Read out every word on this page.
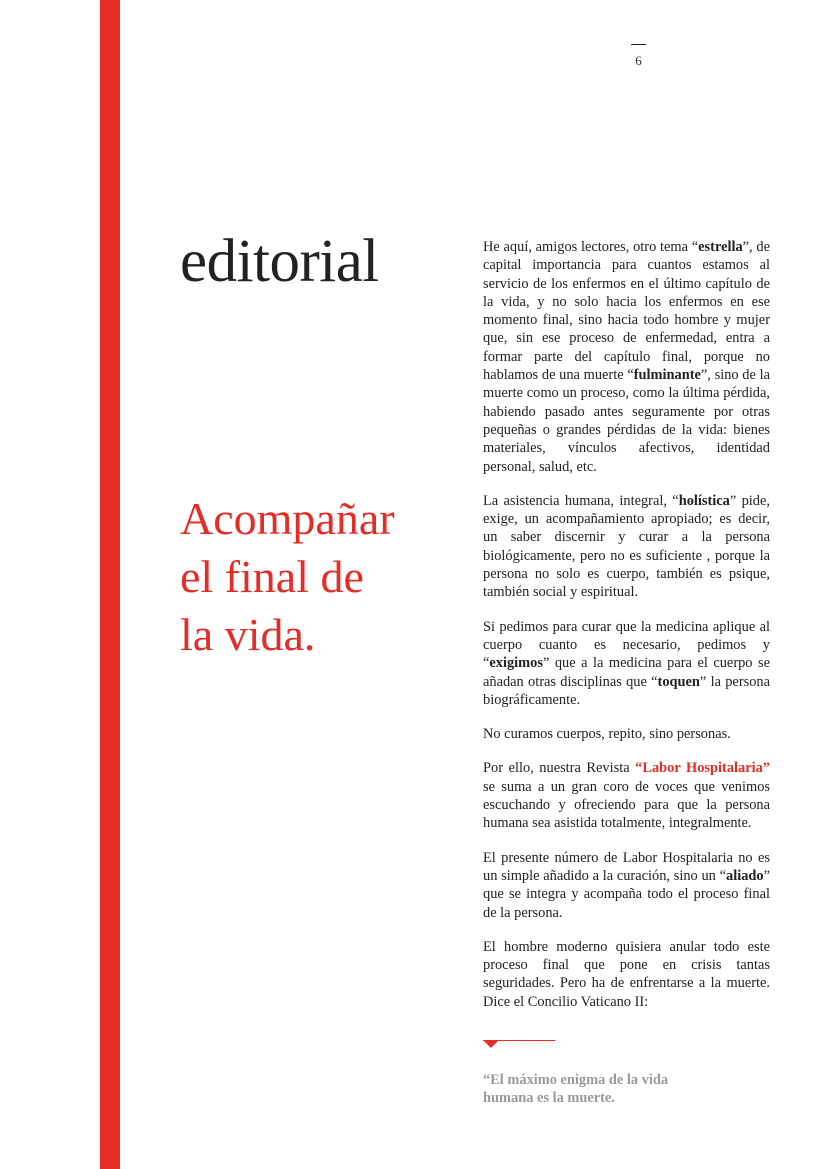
6
editorial
Acompañar
el final de
la vida.

He aquí, amigos lectores, otro tema “estrella”, de capital importancia para cuantos estamos al servicio de los enfermos en el último capítulo de la vida, y no solo hacia los enfermos en ese momento final, sino hacia todo hombre y mujer que, sin ese proceso de enfermedad, entra a formar parte del capítulo final, porque no hablamos de una muerte “fulminante”, sino de la muerte como un proceso, como la última pérdida, habiendo pasado antes seguramente por otras pequeñas o grandes pérdidas de la vida: bienes materiales, vínculos afectivos, identidad personal, salud, etc.

La asistencia humana, integral, “holística” pide, exige, un acompañamiento apropiado; es decir, un saber discernir y curar a la persona biológicamente, pero no es suficiente , porque la persona no solo es cuerpo, también es psique, también social y espiritual.

Si pedimos para curar que la medicina aplique al cuerpo cuanto es necesario, pedimos y “exigimos” que a la medicina para el cuerpo se añadan otras disciplinas que “toquen” la persona biográficamente.

No curamos cuerpos, repito, sino personas.

Por ello, nuestra Revista “Labor Hospitalaria” se suma a un gran coro de voces que venimos escuchando y ofreciendo para que la persona humana sea asistida totalmente, integralmente.

El presente número de Labor Hospitalaria no es un simple añadido a la curación, sino un “aliado” que se integra y acompaña todo el proceso final de la persona.

El hombre moderno quisiera anular todo este proceso final que pone en crisis tantas seguridades. Pero ha de enfrentarse a la muerte. Dice el Concilio Vaticano II:

“El máximo enigma de la vida
humana es la muerte.
